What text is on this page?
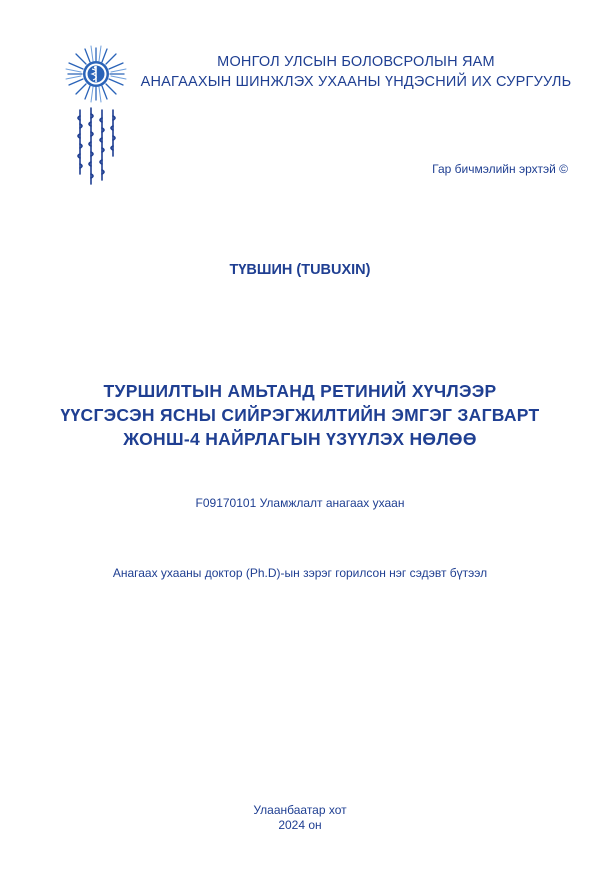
МОНГОЛ УЛСЫН БОЛОВСРОЛЫН ЯАМ
АНАГААХЫН ШИНЖЛЭХ УХААНЫ ҮНДЭСНИЙ ИХ СУРГУУЛЬ
Гар бичмэлийн эрхтэй ©
ТҮВШИН (TUBUXIN)
ТУРШИЛТЫН АМЬТАНД РЕТИНИЙ ХҮЧЛЭЭР
ҮҮСГЭСЭН ЯСНЫ СИЙРЭГЖИЛТИЙН ЭМГЭГ ЗАГВАРТ
ЖОНШ-4 НАЙРЛАГЫН ҮЗҮҮЛЭХ НӨЛӨӨ
F09170101 Уламжлалт анагаах ухаан
Анагаах ухааны доктор (Ph.D)-ын зэрэг горилсон нэг сэдэвт бүтээл
Улаанбаатар хот
2024 он
